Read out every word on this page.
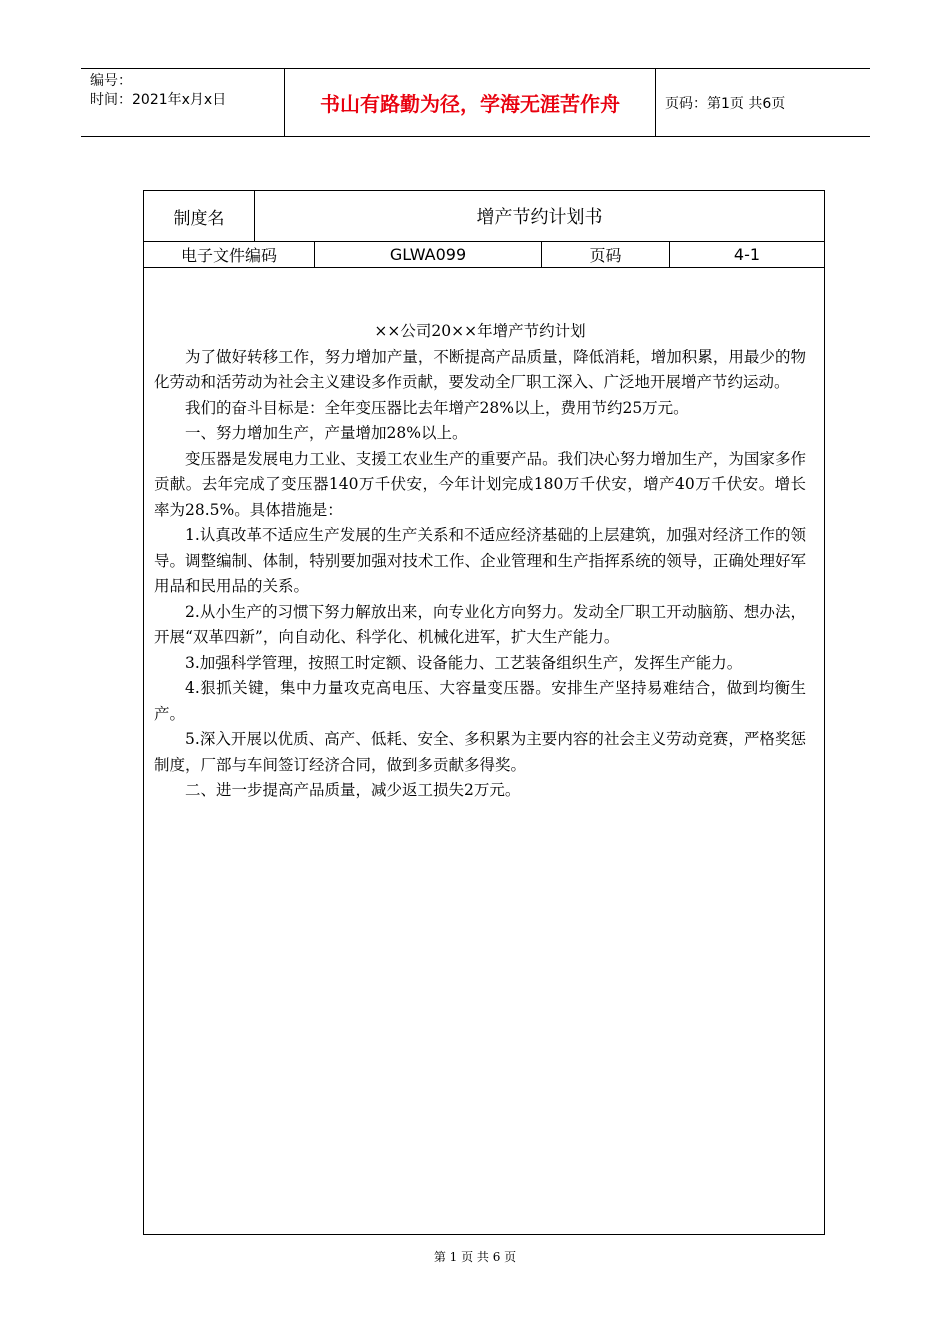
编号：
时间：2021年x月x日	书山有路勤为径，学海无涯苦作舟	页码：第1页 共6页
制度名	增产节约计划书
电子文件编码	GLWA099	页码	4-1
××公司20××年增产节约计划

为了做好转移工作，努力增加产量，不断提高产品质量，降低消耗，增加积累，用最少的物化劳动和活劳动为社会主义建设多作贡献，要发动全厂职工深入、广泛地开展增产节约运动。

我们的奋斗目标是：全年变压器比去年增产28%以上，费用节约25万元。

一、努力增加生产，产量增加28%以上。

变压器是发展电力工业、支援工农业生产的重要产品。我们决心努力增加生产，为国家多作贡献。去年完成了变压器140万千伏安，今年计划完成180万千伏安，增产40万千伏安。增长率为28.5%。具体措施是：

1.认真改革不适应生产发展的生产关系和不适应经济基础的上层建筑，加强对经济工作的领导。调整编制、体制，特别要加强对技术工作、企业管理和生产指挥系统的领导，正确处理好军用品和民用品的关系。

2.从小生产的习惯下努力解放出来，向专业化方向努力。发动全厂职工开动脑筋、想办法，开展“双革四新”，向自动化、科学化、机械化进军，扩大生产能力。

3.加强科学管理，按照工时定额、设备能力、工艺装备组织生产，发挥生产能力。

4.狠抓关键，集中力量攻克高电压、大容量变压器。安排生产坚持易难结合，做到均衡生产。

5.深入开展以优质、高产、低耗、安全、多积累为主要内容的社会主义劳动竞赛，严格奖惩制度，厂部与车间签订经济合同，做到多贡献多得奖。

二、进一步提高产品质量，减少返工损失2万元。

第 1 页 共 6 页
